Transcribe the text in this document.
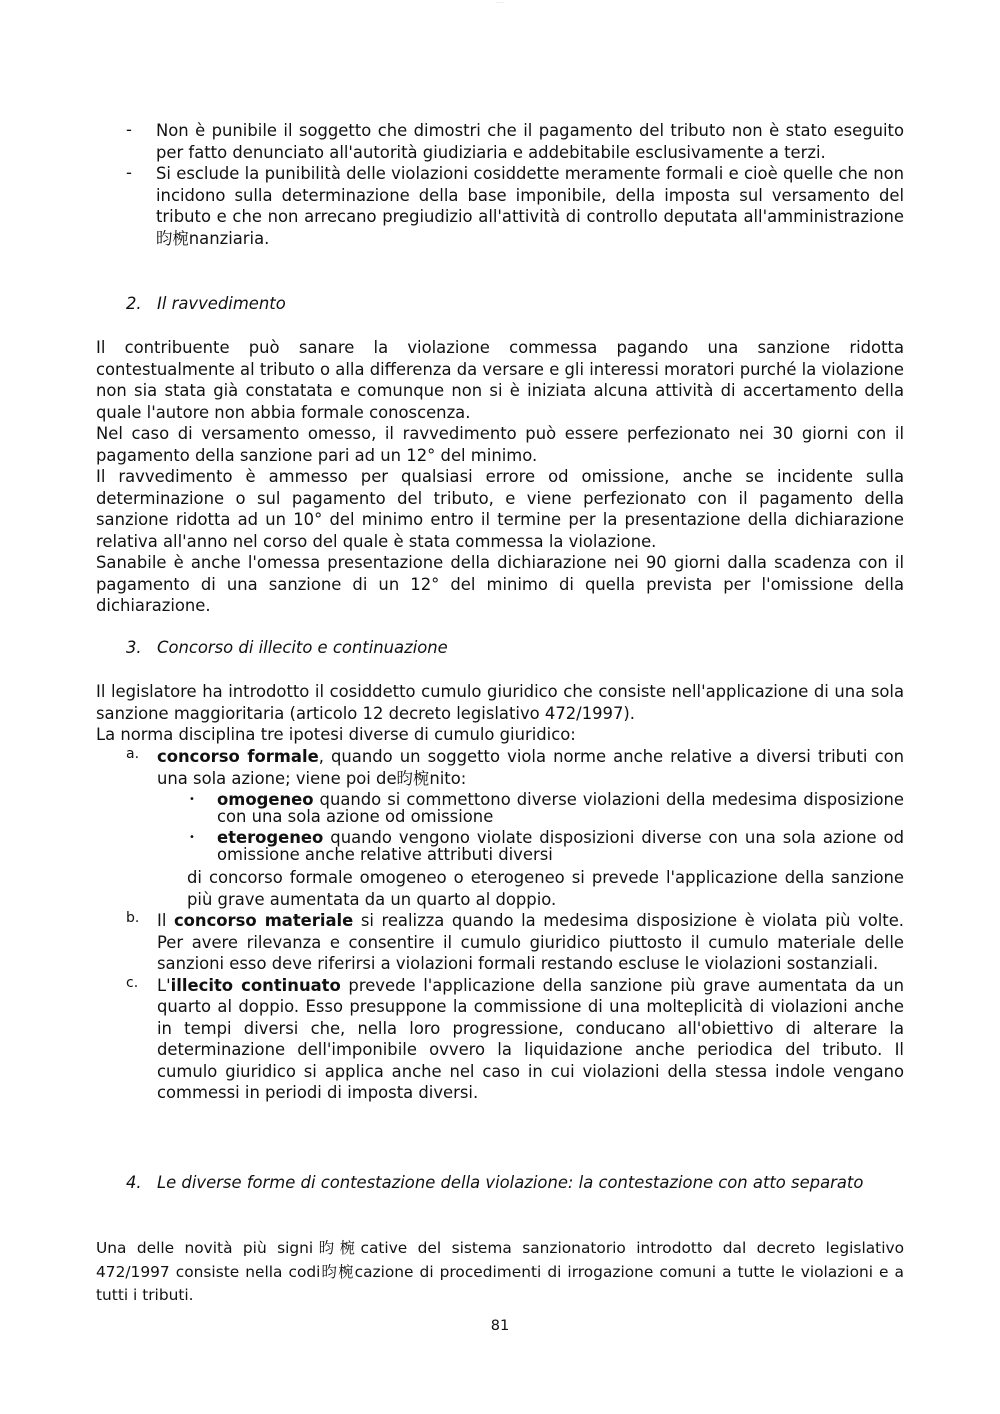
·······
- Non è punibile il soggetto che dimostri che il pagamento del tributo non è stato eseguito per fatto denunciato all'autorità giudiziaria e addebitabile esclusivamente a terzi.

- Si esclude la punibilità delle violazioni cosiddette meramente formali e cioè quelle che non incidono sulla determinazione della base imponibile, della imposta sul versamento del tributo e che non arrecano pregiudizio all'attività di controllo deputata all'amministrazione 昀椀nanziaria.

2. Il ravvedimento

Il contribuente può sanare la violazione commessa pagando una sanzione ridotta contestualmente al tributo o alla differenza da versare e gli interessi moratori purché la violazione non sia stata già constatata e comunque non si è iniziata alcuna attività di accertamento della quale l'autore non abbia formale conoscenza.

Nel caso di versamento omesso, il ravvedimento può essere perfezionato nei 30 giorni con il pagamento della sanzione pari ad un 12° del minimo.

Il ravvedimento è ammesso per qualsiasi errore od omissione, anche se incidente sulla determinazione o sul pagamento del tributo, e viene perfezionato con il pagamento della sanzione ridotta ad un 10° del minimo entro il termine per la presentazione della dichiarazione relativa all'anno nel corso del quale è stata commessa la violazione.

Sanabile è anche l'omessa presentazione della dichiarazione nei 90 giorni dalla scadenza con il pagamento di una sanzione di un 12° del minimo di quella prevista per l'omissione della dichiarazione.

3. Concorso di illecito e continuazione

Il legislatore ha introdotto il cosiddetto cumulo giuridico che consiste nell'applicazione di una sola sanzione maggioritaria (articolo 12 decreto legislativo 472/1997).

La norma disciplina tre ipotesi diverse di cumulo giuridico:

a. concorso formale, quando un soggetto viola norme anche relative a diversi tributi con una sola azione; viene poi de昀椀nito:

• omogeneo quando si commettono diverse violazioni della medesima disposizione con una sola azione od omissione

• eterogeneo quando vengono violate disposizioni diverse con una sola azione od omissione anche relative attributi diversi

di concorso formale omogeneo o eterogeneo si prevede l'applicazione della sanzione più grave aumentata da un quarto al doppio.

b. Il concorso materiale si realizza quando la medesima disposizione è violata più volte. Per avere rilevanza e consentire il cumulo giuridico piuttosto il cumulo materiale delle sanzioni esso deve riferirsi a violazioni formali restando escluse le violazioni sostanziali.

c. L'illecito continuato prevede l'applicazione della sanzione più grave aumentata da un quarto al doppio. Esso presuppone la commissione di una molteplicità di violazioni anche in tempi diversi che, nella loro progressione, conducano all'obiettivo di alterare la determinazione dell'imponibile ovvero la liquidazione anche periodica del tributo. Il cumulo giuridico si applica anche nel caso in cui violazioni della stessa indole vengano commessi in periodi di imposta diversi.

4. Le diverse forme di contestazione della violazione: la contestazione con atto separato

Una delle novità più signi昀椀cative del sistema sanzionatorio introdotto dal decreto legislativo 472/1997 consiste nella codi昀椀cazione di procedimenti di irrogazione comuni a tutte le violazioni e a tutti i tributi.

81
